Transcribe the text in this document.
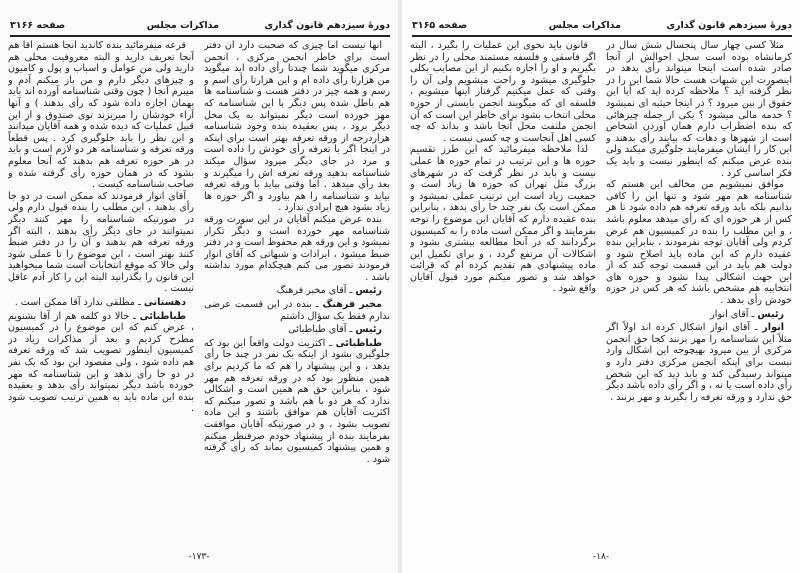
دورهٔ سیزدهم قانون گذاری
مذاکرات مجلس
صفحه ۳۱۶۶

آنها نیست اما چیزی که صحبت دارد آن دفتر است برای خاطر انجمن مرکزی ، انجمن مرکزی میگوید شما چندتا رأی داده اید میگوید من هزارتا رأی داده ام و این هزارتا رأی اسم و رسم و همه چیز در دفتر هست و شناسنامه ها هم باطل شده پس دیگر با این شناسنامه که مهر خورده است دیگر نمیتواند به یک محل دیگر برود ، پس بعقیده بنده وجود شناسنامه هزاردرجه از ورقه تعرفه بهتر است برای اینکه در اینجا اگر با تعرفه رأی خودش را داده است و مرد در جای دیگر میرود سؤال میکند شناسنامه بدهید ورقه تعرفه اش را میگیرند و بعد رأی میدهد . اما وقتی بیاید با ورقه تعرفه بیاید و شناسنامه را هم بیاورد و اگر حوزه ها زیاد بشود هیچ ایرادی ندارد .

بنده عرض میکنم آقایان در این سورت ورقه شناسنامه مهر خورده است و دیگر تکرار نمیشود و این ورقه هم محفوظ است و در دفتر ضبط میشود ، ایرادات و شبهاتی که آقای انوار فرمودند تصور می کنم هیچکدام مورد نداشته باشد .

رئیس ـ آقای مخبر فرهنگ

مخبر فرهنگ ـ بنده در این قسمت عرضی ندارم فقط یک سؤال داشتم

رئیس ـ آقای طباطبائی

طباطبائی ـ اکثریت دولت واقعاً این بود که جلوگیری بشود از اینکه یک نفر در چند جا رأی بدهد ، و این پیشنهاد را هم که ما کردیم برای همین منظور بود که در ورقه تعرفه هم مهر شود ، بنابراین حق هم همین است و اشکالی ندارد که هر دو با هم باشد و تصور میکنم که اکثریت آقایان هم موافق باشند و این ماده تصویب بشود ، و در صورتیکه آقایان موافقت بفرمایند بنده از پیشنهاد خودم صرفنظر میکنم و همین پیشنهاد کمیسیون بماند که رأی گرفته شود .

قرعه میفرمائید بنده کاندید آنجا هستم آقا هم آنجا تعریف دارید و البته معروفیت محلی هم دارید ولی من عوامل و اسباب و پول و کامیون و چیزهای دیگر دارم و من باز میکنم آدم و میبرم آنجا ( چون وقتی شناسنامه آورده اند باید بهمان اجازه داده شود که رأی بدهند ) و آنها آراء خودشان را میریزند توی صندوق و از این قبیل عملیات که دیده شده و همه آقایان میدانند و این نظر را باید جلوگیری کرد . پس قطعاً ورقه تعرفه و شناسنامه هر دو لازم است و باید در هر حوزه تعرفه هم بدهند که آنجا معلوم بشود که در همان حوزه رأی گرفته شده و صاحب شناسنامه کیست .

آقای انوار فرمودند که ممکن است در دو جا رأی بدهند ، این مطلب را بنده قبول دارم ولی در صورتیکه شناسنامه را مهر کنند دیگر نمیتوانند در جای دیگر رأی بدهند ، البته اگر ورقه تعرفه هم بدهند و آن را در دفتر ضبط کنند بهتر است ، این موضوع را تا عملی شود ولی حالا که موقع انتخابات است شما میخواهید این قانون را بگذرانید البته این را کار آدم عاقل نیست .

دهستانی ـ مطلقی ندارد آقا ممکن است .

طباطبائی ـ حالا دو کلمه هم از آقا بشنویم ، عرض کنم که این موضوع را در کمیسیون مطرح کردیم و بعد از مذاکرات زیاد در کمیسیون اینطور تصویب شد که ورقه تعرفه هم داده شود ، ولی مقصود این بود که یک نفر در دو جا رأی ندهد و این شناسنامه که مهر خورده باشد دیگر نمیتواند رأی بدهد و بعقیده بنده این ماده باید به همین ترتیب تصویب شود .

-۱۷۳-
دورهٔ سیزدهم قانون گذاری
مذاکرات مجلس
صفحه ۳۱۶۵

مثلاً کسی چهار سال پنجسال شش سال در کرمانشاه بوده است سجل احوالش از آنجا صادر شده است اینجا میتواند رأی بدهد در اینصورت این شبهات هست حالا شما این را در نظر گرفته اید ؟ ملاحظه کرده اید که آیا این حقوق از بین میرود ؟ در اینجا حیثیه ای نمیشود ؟ خدمه مالی میشود ؟ یکی از جمله چیزهائی که بنده اضطراب دارم همان آوردن اشخاص است از شهرها و دهات که بیایند رأی بدهند و این کار را ایشان میفرمایند جلوگیری میکند ولی بنده عرض میکنم که اینطور نیست و باید یک فکر اساسی کرد .

موافق نمیشویم من مخالف این هستم که شناسنامه هم مهر شود و تنها این را کافی بدانیم بلکه باید ورقه تعرفه هم داده شود تا هر کس از هر حوزه ای که رأی میدهد معلوم باشد ، و این مطلب را بنده در کمیسیون هم عرض کردم ولی آقایان توجه نفرمودند ، بنابراین بنده عقیده دارم که این ماده باید اصلاح شود و دولت هم باید در این قسمت توجه کند که از این جهت اشکالی پیدا نشود و حوزه های انتخابیه هم مشخص باشد که هر کس در حوزه خودش رأی بدهد .

رئیس ـ آقای انوار

انوار ـ آقای انوار اشکال کرده اند اولاً اگر مثلاً این شناسنامه را مهر بزنند کجا حق انجمن مرکزی از بین میرود بهیچوجه این اشکال وارد نیست برای اینکه انجمن مرکزی دفتر دارد و میتواند رسیدگی کند و باید دید که این شخص رأی داده است یا نه ، و اگر رأی داده باشد دیگر حق ندارد و ورقه تعرفه را بگیرند و مهر بزنند .

قانون باید نحوی این عملیات را بگیرد ، البته اگر فاسقی و فلسفه مستمند محلی را در نظر بگیریم و او را اجازه بکنیم از این مصایب بکلی جلوگیری میشود و راحت میشویم ولی آن را وقتی که عمل میکنیم گرفتار اینها میشویم ، فلسفه ای که میگویند انجمن بایستی از حوزه محلی انتخاب بشود برای خاطر این است که آن انجمن ملتفت محل آنجا باشد و بداند که چه کسی اهل آنجاست و چه کسی نیست .

لذا ملاحظه میفرمائید که این طرز تقسیم حوزه ها و این ترتیب در تمام حوزه ها عملی نیست و باید در نظر گرفت که در شهرهای بزرگ مثل تهران که حوزه ها زیاد است و جمعیت زیاد است این ترتیب عملی نمیشود و ممکن است یک نفر چند جا رأی بدهد ، بنابراین بنده عقیده دارم که آقایان این موضوع را توجه بفرمایند و اگر ممکن است ماده را به کمیسیون برگردانند که در آنجا مطالعه بیشتری بشود و اشکالات آن مرتفع گردد ، و برای تکمیل این ماده پیشنهادی هم تقدیم کرده ام که قرائت خواهد شد و تصور میکنم مورد قبول آقایان واقع شود .

-۱۸-
